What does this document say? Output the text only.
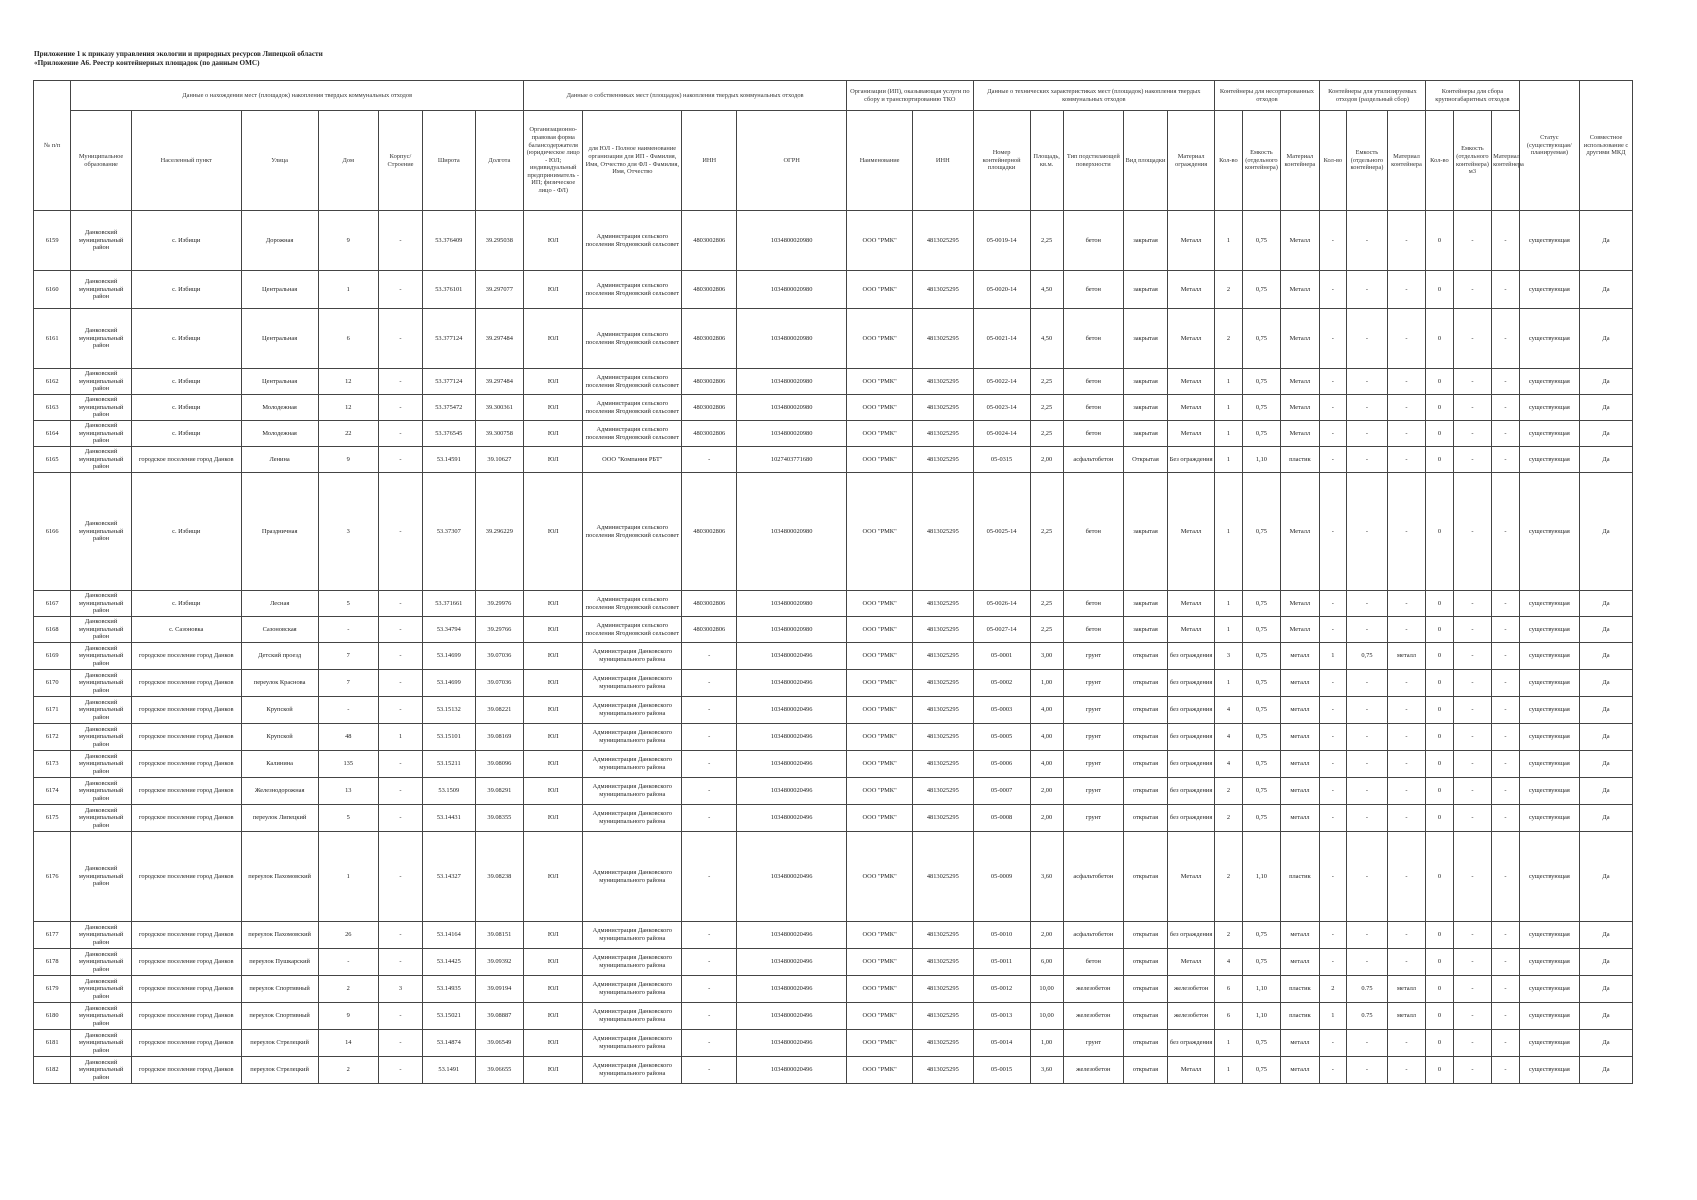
Приложение 1 к приказу управления экологии и природных ресурсов Липецкой области
«Приложение А6. Реестр контейнерных площадок (по данным ОМС)
№ п/п	Данные о нахождении мест (площадок) накопления твердых коммунальных отходов							Данные о собственниках мест (площадок) накопления твердых коммунальных отходов				Организации (ИП), оказывающая услуги по сбору и транспортированию ТКО		Данные о технических характеристиках мест (площадок) накопления твердых коммунальных отходов					Контейнеры для несортированных отходов			Контейнеры для утилизируемых отходов (раздельный сбор)			Контейнеры для сбора крупногабаритных отходов			Статус (существующая/ планируемая)	Совместное использование с другими МКД
	Муниципальное образование	Населенный пункт	Улица	Дом	Корпус/Строение	Широта	Долгота	Организационно-правовая форма балансодержателя (юридическое лицо - ЮЛ; индивидуальный предприниматель - ИП; физическое лицо - ФЛ)	для ЮЛ - Полное наименование организации для ИП - Фамилия, Имя, Отчество для ФЛ - Фамилия, Имя, Отчество	ИНН	ОГРН	Наименование	ИНН	Номер контейнерной площадки	Площадь, кв.м.	Тип подстилающей поверхности	Вид площадки	Материал ограждения	Кол-во	Емкость (отдельного контейнера)	Материал контейнера	Кол-во	Емкость (отдельного контейнера)	Материал контейнера	Кол-во	Емкость (отдельного контейнера) м3	Материал контейнера		
6159	Данковский муниципальный район	с. Избищи	Дорожная	9	-	53.376409	39.295038	ЮЛ	Администрация сельского поселения Ягодновский сельсовет	4803002806	1034800020980	ООО "РМК"	4813025295	05-0019-14	2,25	бетон	закрытая	Металл	1	0,75	Металл	-	-	-	0	-	-	существующая	Да
6160	Данковский муниципальный район	с. Избищи	Центральная	1	-	53.376101	39.297077	ЮЛ	Администрация сельского поселения Ягодновский сельсовет	4803002806	1034800020980	ООО "РМК"	4813025295	05-0020-14	4,50	бетон	закрытая	Металл	2	0,75	Металл	-	-	-	0	-	-	существующая	Да
6161	Данковский муниципальный район	с. Избищи	Центральная	6	-	53.377124	39.297484	ЮЛ	Администрация сельского поселения Ягодновский сельсовет	4803002806	1034800020980	ООО "РМК"	4813025295	05-0021-14	4,50	бетон	закрытая	Металл	2	0,75	Металл	-	-	-	0	-	-	существующая	Да
6162	Данковский муниципальный район	с. Избищи	Центральная	12	-	53.377124	39.297484	ЮЛ	Администрация сельского поселения Ягодновский сельсовет	4803002806	1034800020980	ООО "РМК"	4813025295	05-0022-14	2,25	бетон	закрытая	Металл	1	0,75	Металл	-	-	-	0	-	-	существующая	Да
6163	Данковский муниципальный район	с. Избищи	Молодежная	12	-	53.375472	39.300361	ЮЛ	Администрация сельского поселения Ягодновский сельсовет	4803002806	1034800020980	ООО "РМК"	4813025295	05-0023-14	2,25	бетон	закрытая	Металл	1	0,75	Металл	-	-	-	0	-	-	существующая	Да
6164	Данковский муниципальный район	с. Избищи	Молодежная	22	-	53.376545	39.300758	ЮЛ	Администрация сельского поселения Ягодновский сельсовет	4803002806	1034800020980	ООО "РМК"	4813025295	05-0024-14	2,25	бетон	закрытая	Металл	1	0,75	Металл	-	-	-	0	-	-	существующая	Да
6165	Данковский муниципальный район	городское поселение город Данков	Ленина	9	-	53.14591	39.10627	ЮЛ	ООО "Компания РБТ"	-	1027403771680	ООО "РМК"	4813025295	05-0315	2,00	асфальтобетон	Открытая	Без ограждения	1	1,10	пластик	-	-	-	0	-	-	существующая	Да
6166	Данковский муниципальный район	с. Избищи	Праздничная	3	-	53.37307	39.296229	ЮЛ	Администрация сельского поселения Ягодновский сельсовет	4803002806	1034800020980	ООО "РМК"	4813025295	05-0025-14	2,25	бетон	закрытая	Металл	1	0,75	Металл	-	-	-	0	-	-	существующая	Да
6167	Данковский муниципальный район	с. Избищи	Лесная	5	-	53.371661	39.29976	ЮЛ	Администрация сельского поселения Ягодновский сельсовет	4803002806	1034800020980	ООО "РМК"	4813025295	05-0026-14	2,25	бетон	закрытая	Металл	1	0,75	Металл	-	-	-	0	-	-	существующая	Да
6168	Данковский муниципальный район	с. Сазоновка	Сазоновская	-	-	53.34794	39.29766	ЮЛ	Администрация сельского поселения Ягодновский сельсовет	4803002806	1034800020980	ООО "РМК"	4813025295	05-0027-14	2,25	бетон	закрытая	Металл	1	0,75	Металл	-	-	-	0	-	-	существующая	Да
6169	Данковский муниципальный район	городское поселение город Данков	Детский проезд	7	-	53.14699	39.07036	ЮЛ	Администрация Данковского муниципального района	-	1034800020496	ООО "РМК"	4813025295	05-0001	3,00	грунт	открытая	без ограждения	3	0,75	металл	1	0,75	металл	0	-	-	существующая	Да
6170	Данковский муниципальный район	городское поселение город Данков	переулок Краснова	7	-	53.14699	39.07036	ЮЛ	Администрация Данковского муниципального района	-	1034800020496	ООО "РМК"	4813025295	05-0002	1,00	грунт	открытая	без ограждения	1	0,75	металл	-	-	-	0	-	-	существующая	Да
6171	Данковский муниципальный район	городское поселение город Данков	Крупской	-	-	53.15132	39.08221	ЮЛ	Администрация Данковского муниципального района	-	1034800020496	ООО "РМК"	4813025295	05-0003	4,00	грунт	открытая	без ограждения	4	0,75	металл	-	-	-	0	-	-	существующая	Да
6172	Данковский муниципальный район	городское поселение город Данков	Крупской	48	1	53.15101	39.08169	ЮЛ	Администрация Данковского муниципального района	-	1034800020496	ООО "РМК"	4813025295	05-0005	4,00	грунт	открытая	без ограждения	4	0,75	металл	-	-	-	0	-	-	существующая	Да
6173	Данковский муниципальный район	городское поселение город Данков	Калинина	135	-	53.15211	39.08096	ЮЛ	Администрация Данковского муниципального района	-	1034800020496	ООО "РМК"	4813025295	05-0006	4,00	грунт	открытая	без ограждения	4	0,75	металл	-	-	-	0	-	-	существующая	Да
6174	Данковский муниципальный район	городское поселение город Данков	Железнодорожная	13	-	53.1509	39.08291	ЮЛ	Администрация Данковского муниципального района	-	1034800020496	ООО "РМК"	4813025295	05-0007	2,00	грунт	открытая	без ограждения	2	0,75	металл	-	-	-	0	-	-	существующая	Да
6175	Данковский муниципальный район	городское поселение город Данков	переулок Липецкий	5	-	53.14431	39.08355	ЮЛ	Администрация Данковского муниципального района	-	1034800020496	ООО "РМК"	4813025295	05-0008	2,00	грунт	открытая	без ограждения	2	0,75	металл	-	-	-	0	-	-	существующая	Да
6176	Данковский муниципальный район	городское поселение город Данков	переулок Пахомовский	1	-	53.14327	39.08238	ЮЛ	Администрация Данковского муниципального района	-	1034800020496	ООО "РМК"	4813025295	05-0009	3,60	асфальтобетон	открытая	Металл	2	1,10	пластик	-	-	-	0	-	-	существующая	Да
6177	Данковский муниципальный район	городское поселение город Данков	переулок Пахомовский	26	-	53.14164	39.08151	ЮЛ	Администрация Данковского муниципального района	-	1034800020496	ООО "РМК"	4813025295	05-0010	2,00	асфальтобетон	открытая	без ограждения	2	0,75	металл	-	-	-	0	-	-	существующая	Да
6178	Данковский муниципальный район	городское поселение город Данков	переулок Пушкарский	-	-	53.14425	39.09392	ЮЛ	Администрация Данковского муниципального района	-	1034800020496	ООО "РМК"	4813025295	05-0011	6,00	бетон	открытая	Металл	4	0,75	металл	-	-	-	0	-	-	существующая	Да
6179	Данковский муниципальный район	городское поселение город Данков	переулок Спортивный	2	3	53.14935	39.09194	ЮЛ	Администрация Данковского муниципального района	-	1034800020496	ООО "РМК"	4813025295	05-0012	10,00	железобетон	открытая	железобетон	6	1,10	пластик	2	0.75	металл	0	-	-	существующая	Да
6180	Данковский муниципальный район	городское поселение город Данков	переулок Спортивный	9	-	53.15021	39.08887	ЮЛ	Администрация Данковского муниципального района	-	1034800020496	ООО "РМК"	4813025295	05-0013	10,00	железобетон	открытая	железобетон	6	1,10	пластик	1	0.75	металл	0	-	-	существующая	Да
6181	Данковский муниципальный район	городское поселение город Данков	переулок Стрелецкий	14	-	53.14874	39.06549	ЮЛ	Администрация Данковского муниципального района	-	1034800020496	ООО "РМК"	4813025295	05-0014	1,00	грунт	открытая	без ограждения	1	0,75	металл	-	-	-	0	-	-	существующая	Да
6182	Данковский муниципальный район	городское поселение город Данков	переулок Стрелецкий	2	-	53.1491	39.06655	ЮЛ	Администрация Данковского муниципального района	-	1034800020496	ООО "РМК"	4813025295	05-0015	3,60	железобетон	открытая	Металл	1	0,75	металл	-	-	-	0	-	-	существующая	Да
